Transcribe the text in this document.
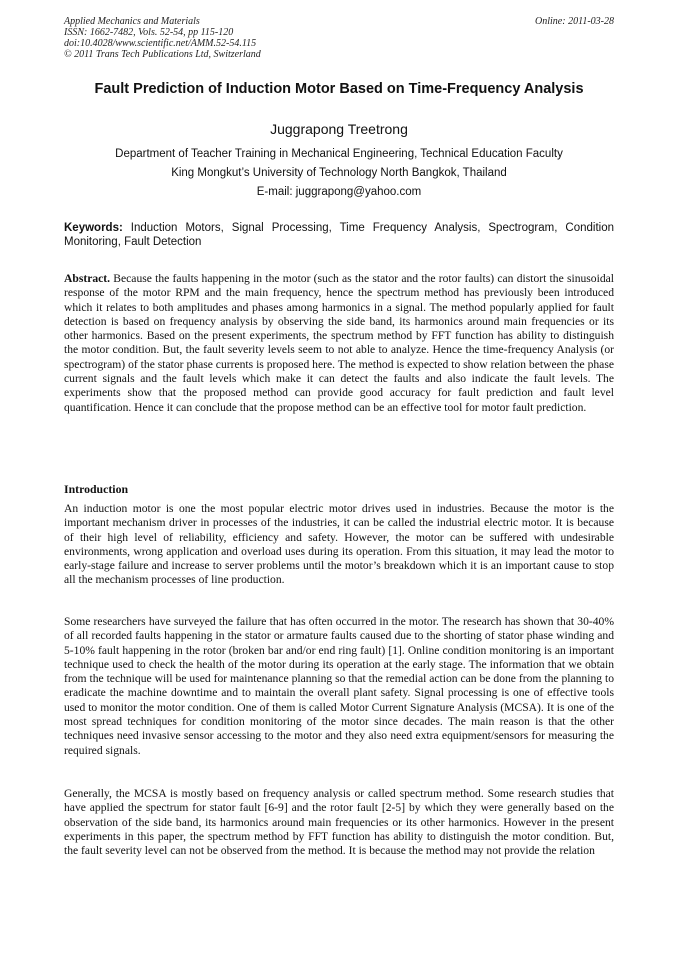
Applied Mechanics and Materials
ISSN: 1662-7482, Vols. 52-54, pp 115-120
doi:10.4028/www.scientific.net/AMM.52-54.115
© 2011 Trans Tech Publications Ltd, Switzerland
Online: 2011-03-28
Fault Prediction of Induction Motor Based on Time-Frequency Analysis
Juggrapong Treetrong
Department of Teacher Training in Mechanical Engineering, Technical Education Faculty
King Mongkut’s University of Technology North Bangkok, Thailand
E-mail: juggrapong@yahoo.com
Keywords: Induction Motors, Signal Processing, Time Frequency Analysis, Spectrogram, Condition Monitoring, Fault Detection
Abstract. Because the faults happening in the motor (such as the stator and the rotor faults) can distort the sinusoidal response of the motor RPM and the main frequency, hence the spectrum method has previously been introduced which it relates to both amplitudes and phases among harmonics in a signal. The method popularly applied for fault detection is based on frequency analysis by observing the side band, its harmonics around main frequencies or its other harmonics. Based on the present experiments, the spectrum method by FFT function has ability to distinguish the motor condition. But, the fault severity levels seem to not able to analyze. Hence the time-frequency Analysis (or spectrogram) of the stator phase currents is proposed here. The method is expected to show relation between the phase current signals and the fault levels which make it can detect the faults and also indicate the fault levels. The experiments show that the proposed method can provide good accuracy for fault prediction and fault level quantification. Hence it can conclude that the propose method can be an effective tool for motor fault prediction.
Introduction
An induction motor is one the most popular electric motor drives used in industries. Because the motor is the important mechanism driver in processes of the industries, it can be called the industrial electric motor. It is because of their high level of reliability, efficiency and safety. However, the motor can be suffered with undesirable environments, wrong application and overload uses during its operation. From this situation, it may lead the motor to early-stage failure and increase to server problems until the motor’s breakdown which it is an important cause to stop all the mechanism processes of line production.
Some researchers have surveyed the failure that has often occurred in the motor. The research has shown that 30-40% of all recorded faults happening in the stator or armature faults caused due to the shorting of stator phase winding and 5-10% fault happening in the rotor (broken bar and/or end ring fault) [1]. Online condition monitoring is an important technique used to check the health of the motor during its operation at the early stage. The information that we obtain from the technique will be used for maintenance planning so that the remedial action can be done from the planning to eradicate the machine downtime and to maintain the overall plant safety. Signal processing is one of effective tools used to monitor the motor condition. One of them is called Motor Current Signature Analysis (MCSA). It is one of the most spread techniques for condition monitoring of the motor since decades. The main reason is that the other techniques need invasive sensor accessing to the motor and they also need extra equipment/sensors for measuring the required signals.
Generally, the MCSA is mostly based on frequency analysis or called spectrum method. Some research studies that have applied the spectrum for stator fault [6-9] and the rotor fault [2-5] by which they were generally based on the observation of the side band, its harmonics around main frequencies or its other harmonics. However in the present experiments in this paper, the spectrum method by FFT function has ability to distinguish the motor condition. But, the fault severity level can not be observed from the method. It is because the method may not provide the relation
